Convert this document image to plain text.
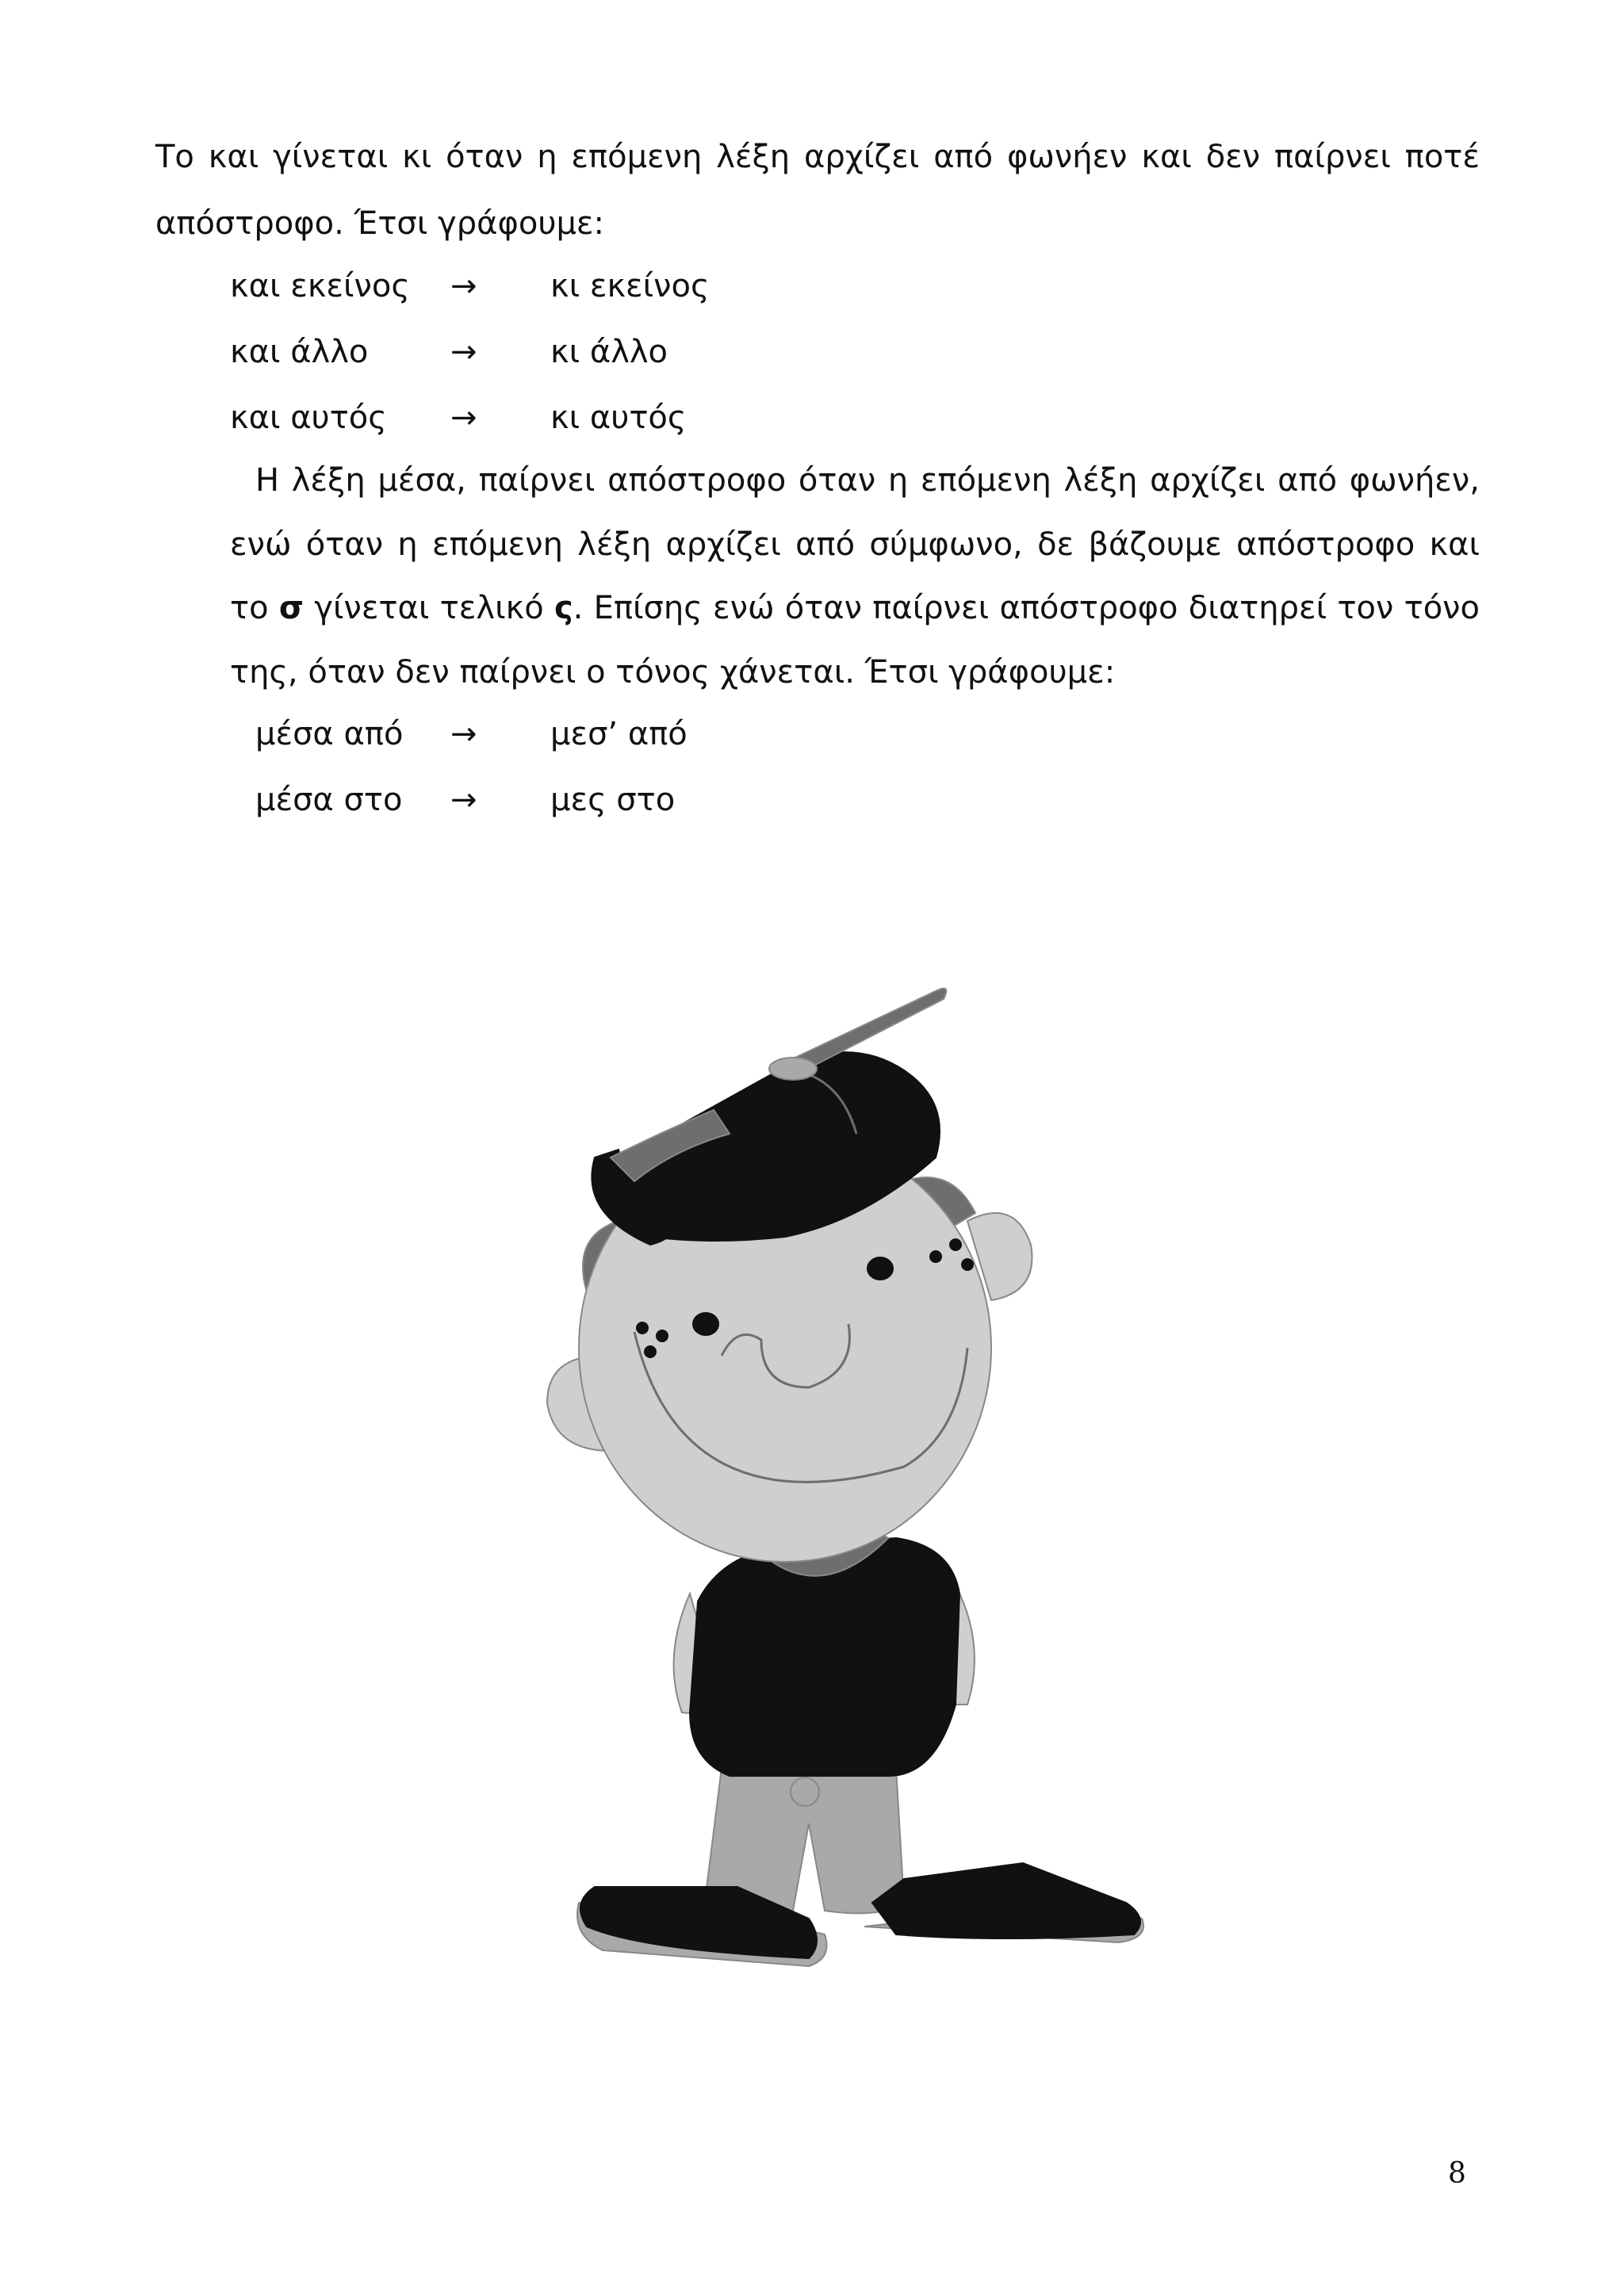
Το και γίνεται κι όταν η επόμενη λέξη αρχίζει από φωνήεν και δεν παίρνει ποτέ
απόστροφο. Έτσι γράφουμε:
και εκείνος → κι εκείνος
και άλλο	→ κι άλλο
και αυτός → κι αυτός
Η λέξη μέσα, παίρνει απόστροφο όταν η επόμενη λέξη αρχίζει από φωνήεν,
ενώ όταν η επόμενη λέξη αρχίζει από σύμφωνο, δε βάζουμε απόστροφο και
το σ γίνεται τελικό ς. Επίσης ενώ όταν παίρνει απόστροφο διατηρεί τον τόνο
της, όταν δεν παίρνει ο τόνος χάνεται. Έτσι γράφουμε:
μέσα από → μεσ’ από
μέσα στο → μες στο
8
